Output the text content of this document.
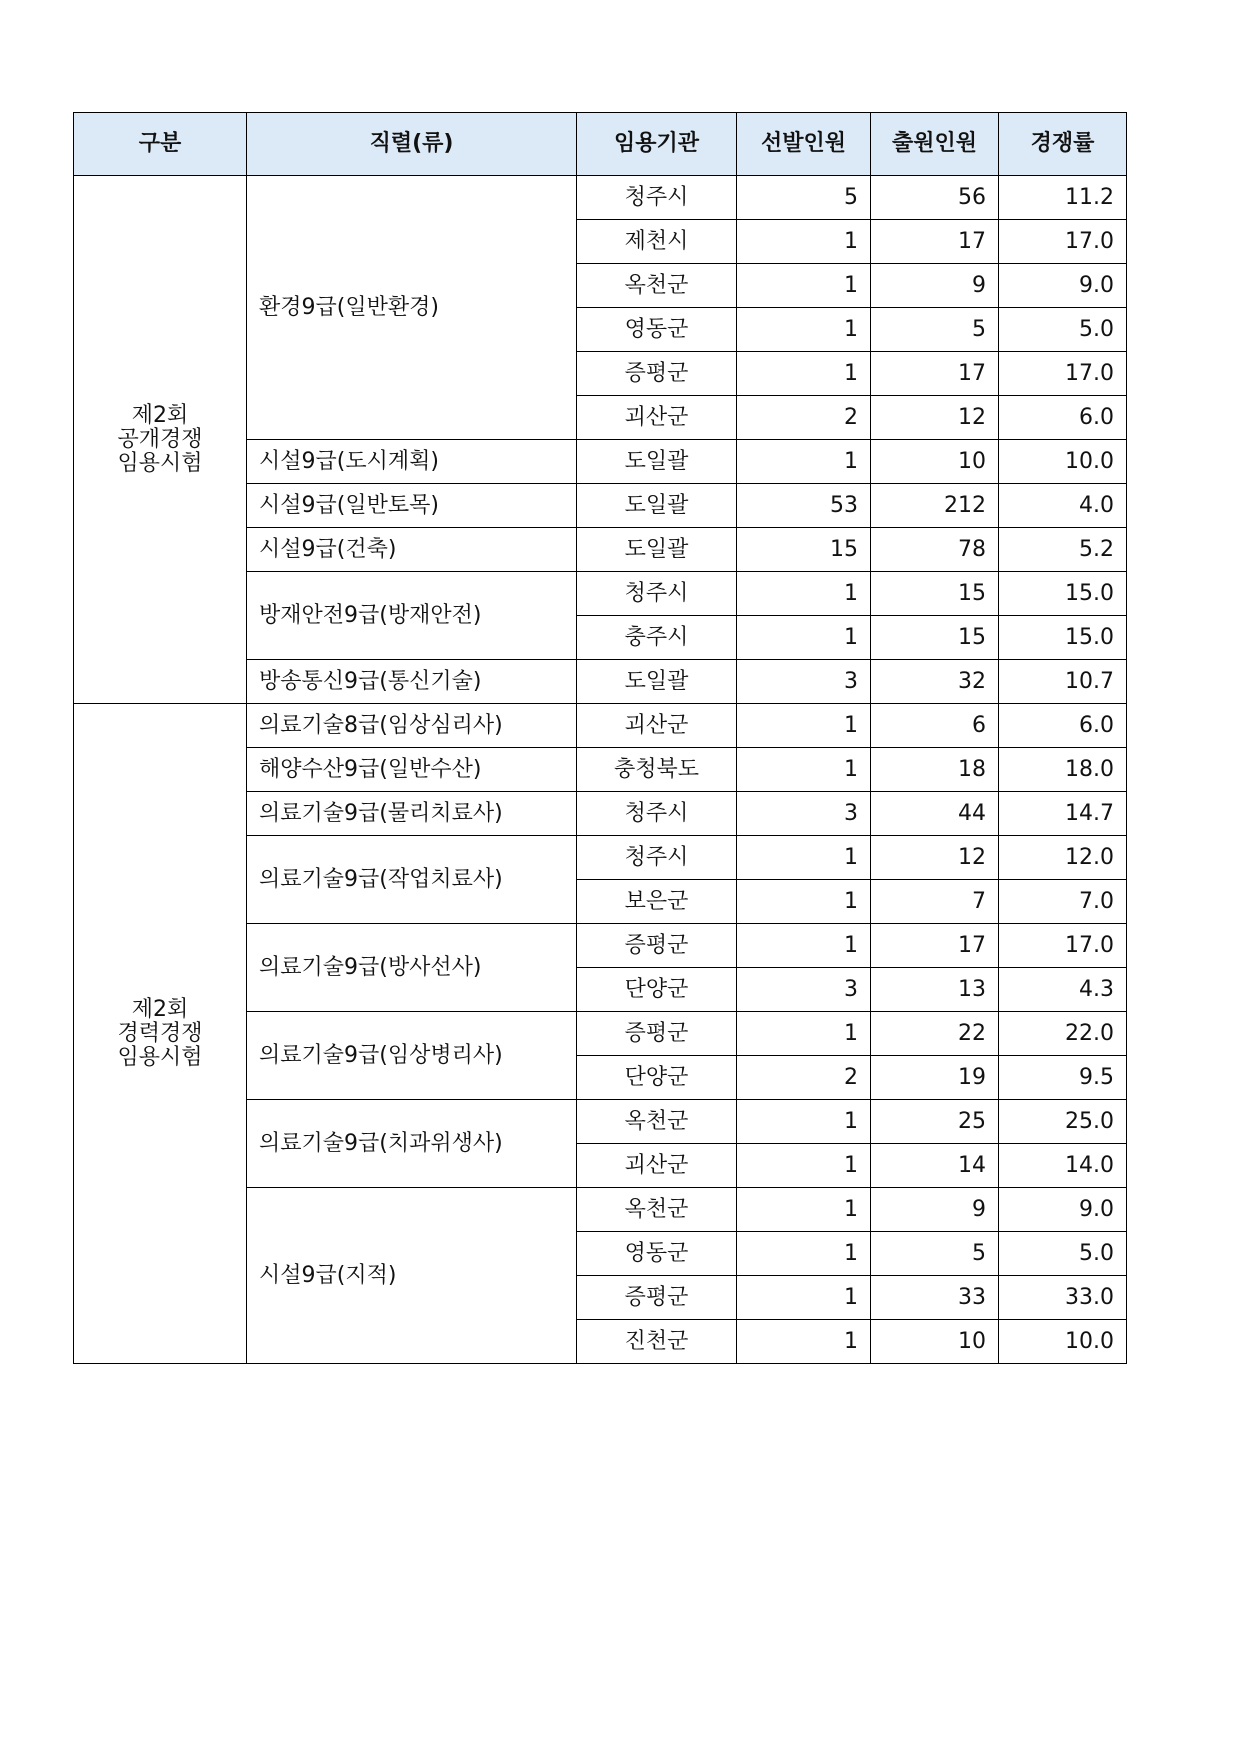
구분	직렬(류)	임용기관	선발인원	출원인원	경쟁률

제2회
공개경쟁
임용시험	환경9급(일반환경)	청주시	5	56	11.2
		제천시	1	17	17.0
		옥천군	1	9	9.0
		영동군	1	5	5.0
		증평군	1	17	17.0
		괴산군	2	12	6.0
	시설9급(도시계획)	도일괄	1	10	10.0
	시설9급(일반토목)	도일괄	53	212	4.0
	시설9급(건축)	도일괄	15	78	5.2
	방재안전9급(방재안전)	청주시	1	15	15.0
		충주시	1	15	15.0
	방송통신9급(통신기술)	도일괄	3	32	10.7

제2회
경력경쟁
임용시험	의료기술8급(임상심리사)	괴산군	1	6	6.0
	해양수산9급(일반수산)	충청북도	1	18	18.0
	의료기술9급(물리치료사)	청주시	3	44	14.7
	의료기술9급(작업치료사)	청주시	1	12	12.0
		보은군	1	7	7.0
	의료기술9급(방사선사)	증평군	1	17	17.0
		단양군	3	13	4.3
	의료기술9급(임상병리사)	증평군	1	22	22.0
		단양군	2	19	9.5
	의료기술9급(치과위생사)	옥천군	1	25	25.0
		괴산군	1	14	14.0
	시설9급(지적)	옥천군	1	9	9.0
		영동군	1	5	5.0
		증평군	1	33	33.0
		진천군	1	10	10.0
